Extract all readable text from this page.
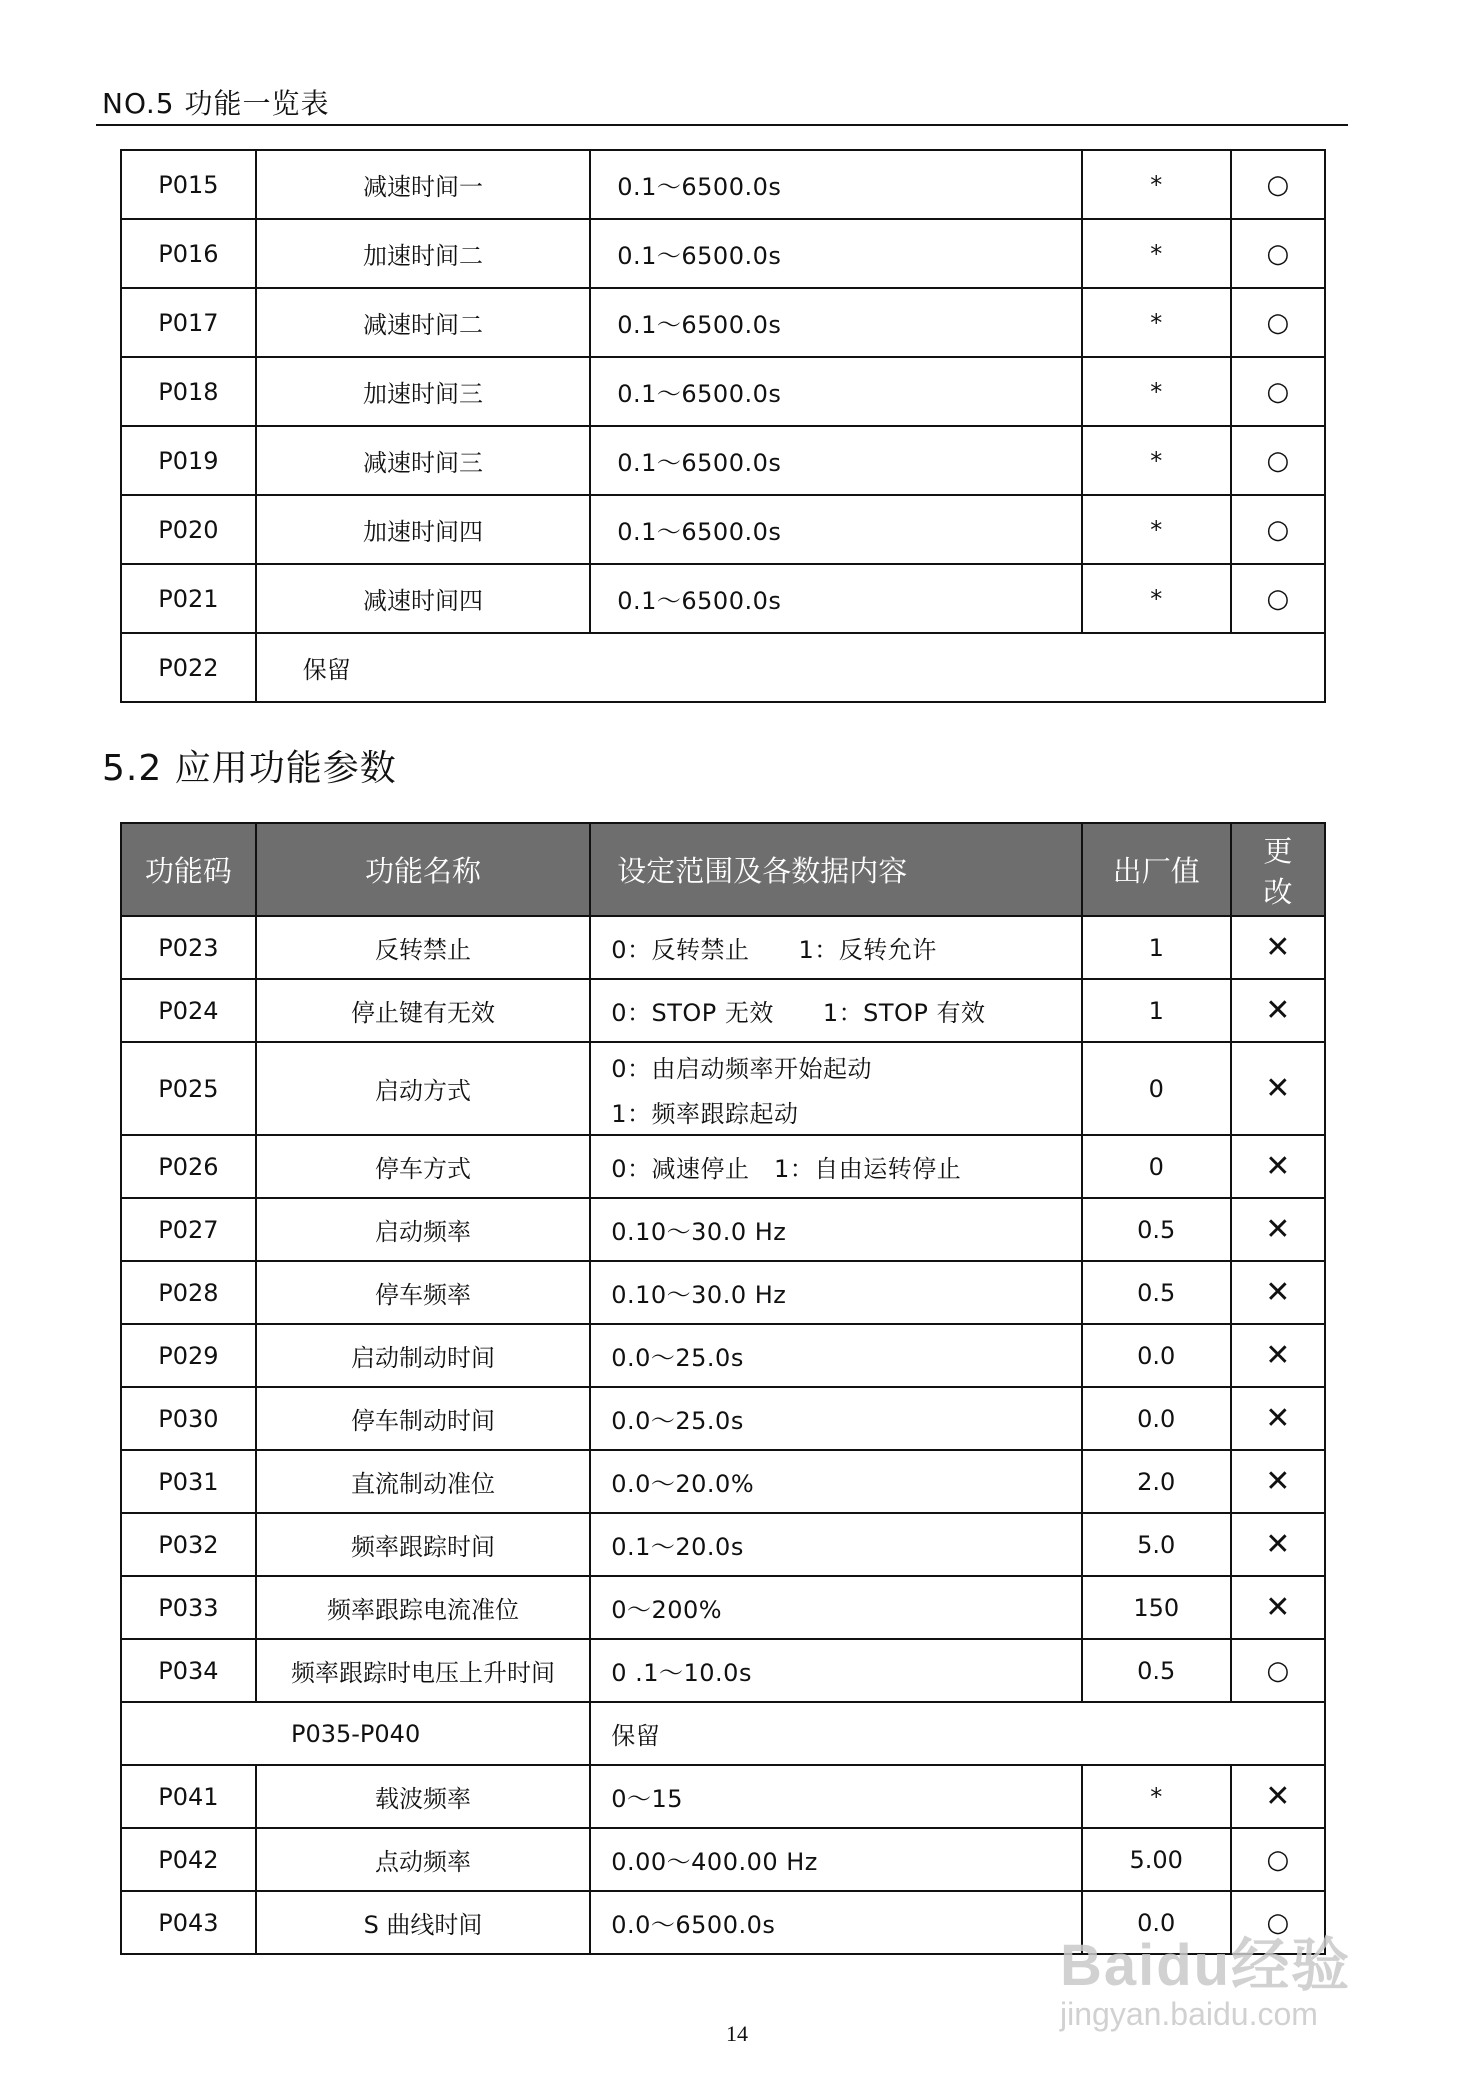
NO.5 功能一览表
P015	减速时间一	0.1～6500.0s	*	○
P016	加速时间二	0.1～6500.0s	*	○
P017	减速时间二	0.1～6500.0s	*	○
P018	加速时间三	0.1～6500.0s	*	○
P019	减速时间三	0.1～6500.0s	*	○
P020	加速时间四	0.1～6500.0s	*	○
P021	减速时间四	0.1～6500.0s	*	○
P022	保留			
5.2 应用功能参数
功能码	功能名称	设定范围及各数据内容	出厂值	更
改

P023	反转禁止	0：反转禁止　　1：反转允许	1	✕
P024	停止键有无效	0：STOP 无效　　1：STOP 有效	1	✕
P025	启动方式	0：由启动频率开始起动
1：频率跟踪起动	0	✕
P026	停车方式	0：减速停止　1：自由运转停止	0	✕
P027	启动频率	0.10～30.0 Hz	0.5	✕
P028	停车频率	0.10～30.0 Hz	0.5	✕
P029	启动制动时间	0.0～25.0s	0.0	✕
P030	停车制动时间	0.0～25.0s	0.0	✕
P031	直流制动准位	0.0～20.0%	2.0	✕
P032	频率跟踪时间	0.1～20.0s	5.0	✕
P033	频率跟踪电流准位	0～200%	150	✕
P034	频率跟踪时电压上升时间	0 .1～10.0s	0.5	○
P035-P040		保留		
P041	载波频率	0～15	*	✕
P042	点动频率	0.00～400.00 Hz	5.00	○
P043	S 曲线时间	0.0～6500.0s	0.0	○
14
Baidu经验
jingyan.baidu.com
